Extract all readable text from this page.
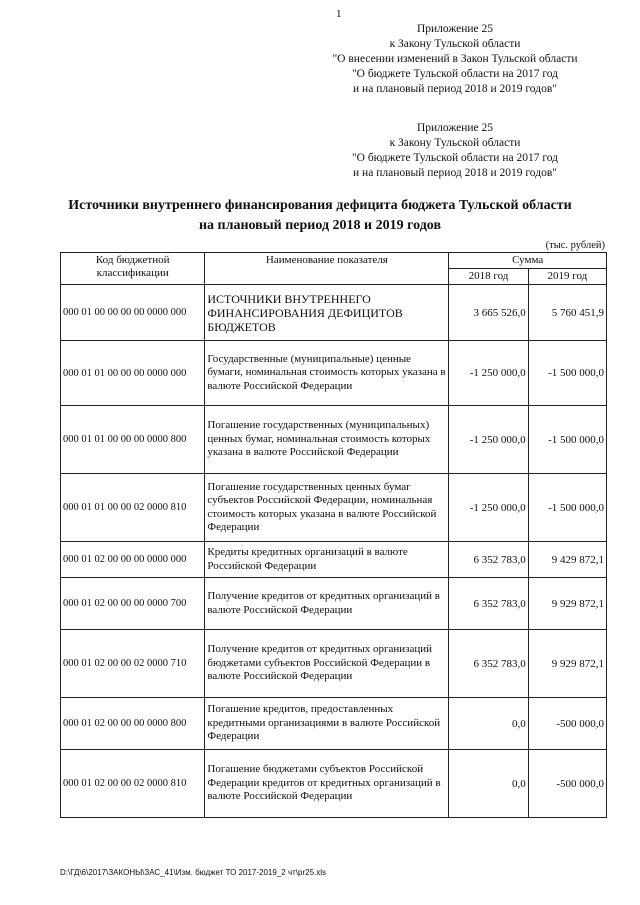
1
Приложение 25
к Закону Тульской области
"О внесении изменений в Закон Тульской области
"О бюджете Тульской области на 2017 год
и на плановый период 2018 и 2019 годов"
Приложение 25
к Закону Тульской области
"О бюджете Тульской области на 2017 год
и на плановый период 2018 и 2019 годов"
Источники внутреннего финансирования дефицита бюджета Тульской области
на плановый период 2018 и 2019 годов
(тыс. рублей)
Код бюджетной классификации	Наименование показателя	Сумма	
		2018 год	2019 год
000 01 00 00 00 00 0000 000	ИСТОЧНИКИ ВНУТРЕННЕГО ФИНАНСИРОВАНИЯ ДЕФИЦИТОВ БЮДЖЕТОВ	3 665 526,0	5 760 451,9
000 01 01 00 00 00 0000 000	Государственные (муниципальные) ценные бумаги, номинальная стоимость которых указана в валюте Российской Федерации	-1 250 000,0	-1 500 000,0
000 01 01 00 00 00 0000 800	Погашение государственных (муниципальных) ценных бумаг, номинальная стоимость которых указана в валюте Российской Федерации	-1 250 000,0	-1 500 000,0
000 01 01 00 00 02 0000 810	Погашение государственных ценных бумаг субъектов Российской Федерации, номинальная стоимость которых указана в валюте Российской Федерации	-1 250 000,0	-1 500 000,0
000 01 02 00 00 00 0000 000	Кредиты кредитных организаций в валюте Российской Федерации	6 352 783,0	9 429 872,1
000 01 02 00 00 00 0000 700	Получение кредитов от кредитных организаций в валюте Российской Федерации	6 352 783,0	9 929 872,1
000 01 02 00 00 02 0000 710	Получение кредитов от кредитных организаций бюджетами субъектов Российской Федерации в валюте Российской Федерации	6 352 783,0	9 929 872,1
000 01 02 00 00 00 0000 800	Погашение кредитов, предоставленных кредитными организациями в валюте Российской Федерации	0,0	-500 000,0
000 01 02 00 00 02 0000 810	Погашение бюджетами субъектов Российской Федерации кредитов от кредитных организаций в валюте Российской Федерации	0,0	-500 000,0
D:\ГД\6\2017\ЗАКОНЫ\ЗАС_41\Изм. бюджет ТО 2017-2019_2 чт\pr25.xls
